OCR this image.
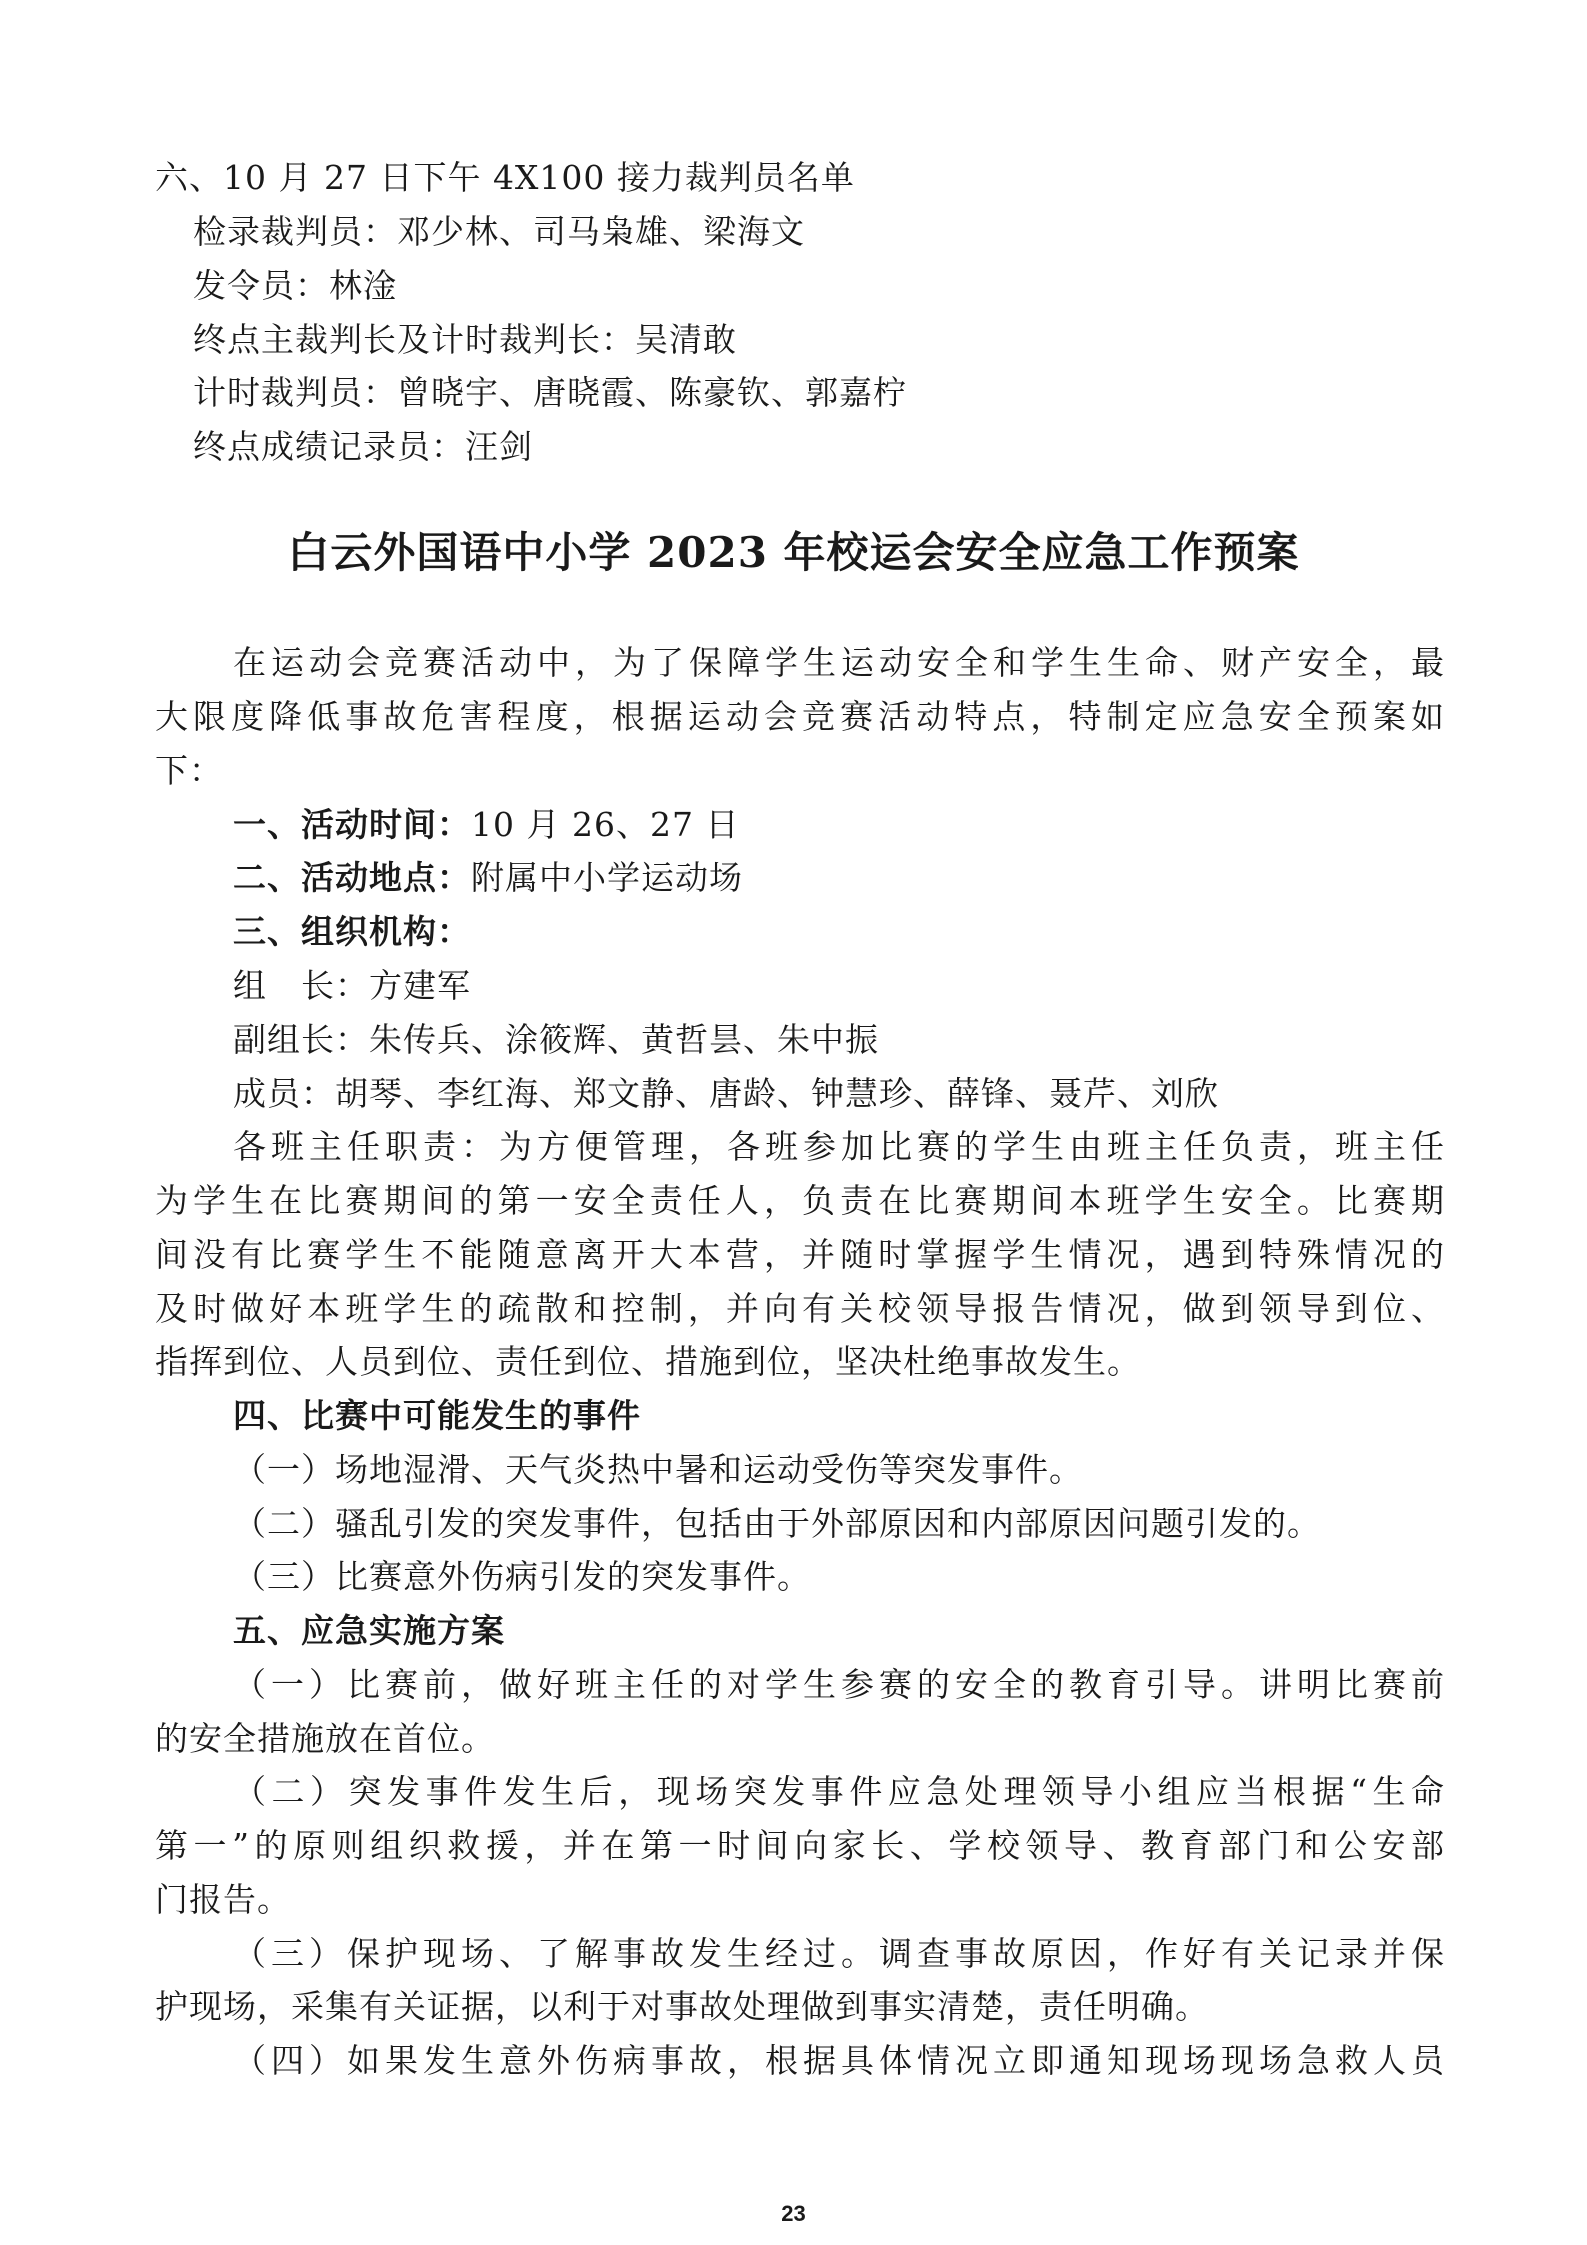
六、10 月 27 日下午 4X100 接力裁判员名单
检录裁判员：邓少林、司马枭雄、梁海文
发令员：林淦
终点主裁判长及计时裁判长：吴清敢
计时裁判员：曾晓宇、唐晓霞、陈豪钦、郭嘉柠
终点成绩记录员：汪剑
白云外国语中小学 2023 年校运会安全应急工作预案
在运动会竞赛活动中，为了保障学生运动安全和学生生命、财产安全，最
大限度降低事故危害程度，根据运动会竞赛活动特点，特制定应急安全预案如
下：
一、活动时间：10 月 26、27 日
二、活动地点：附属中小学运动场
三、组织机构：
组　长：方建军
副组长：朱传兵、涂筱辉、黄哲昙、朱中振
成员：胡琴、李红海、郑文静、唐龄、钟慧珍、薛锋、聂芹、刘欣
各班主任职责：为方便管理，各班参加比赛的学生由班主任负责，班主任
为学生在比赛期间的第一安全责任人，负责在比赛期间本班学生安全。比赛期
间没有比赛学生不能随意离开大本营，并随时掌握学生情况，遇到特殊情况的
及时做好本班学生的疏散和控制，并向有关校领导报告情况，做到领导到位、
指挥到位、人员到位、责任到位、措施到位，坚决杜绝事故发生。
四、比赛中可能发生的事件
（一）场地湿滑、天气炎热中暑和运动受伤等突发事件。
（二）骚乱引发的突发事件，包括由于外部原因和内部原因问题引发的。
（三）比赛意外伤病引发的突发事件。
五、应急实施方案
（一）比赛前，做好班主任的对学生参赛的安全的教育引导。讲明比赛前
的安全措施放在首位。
（二）突发事件发生后，现场突发事件应急处理领导小组应当根据“生命
第一”的原则组织救援，并在第一时间向家长、学校领导、教育部门和公安部
门报告。
（三）保护现场、了解事故发生经过。调查事故原因，作好有关记录并保
护现场，采集有关证据，以利于对事故处理做到事实清楚，责任明确。
（四）如果发生意外伤病事故，根据具体情况立即通知现场现场急救人员
23
